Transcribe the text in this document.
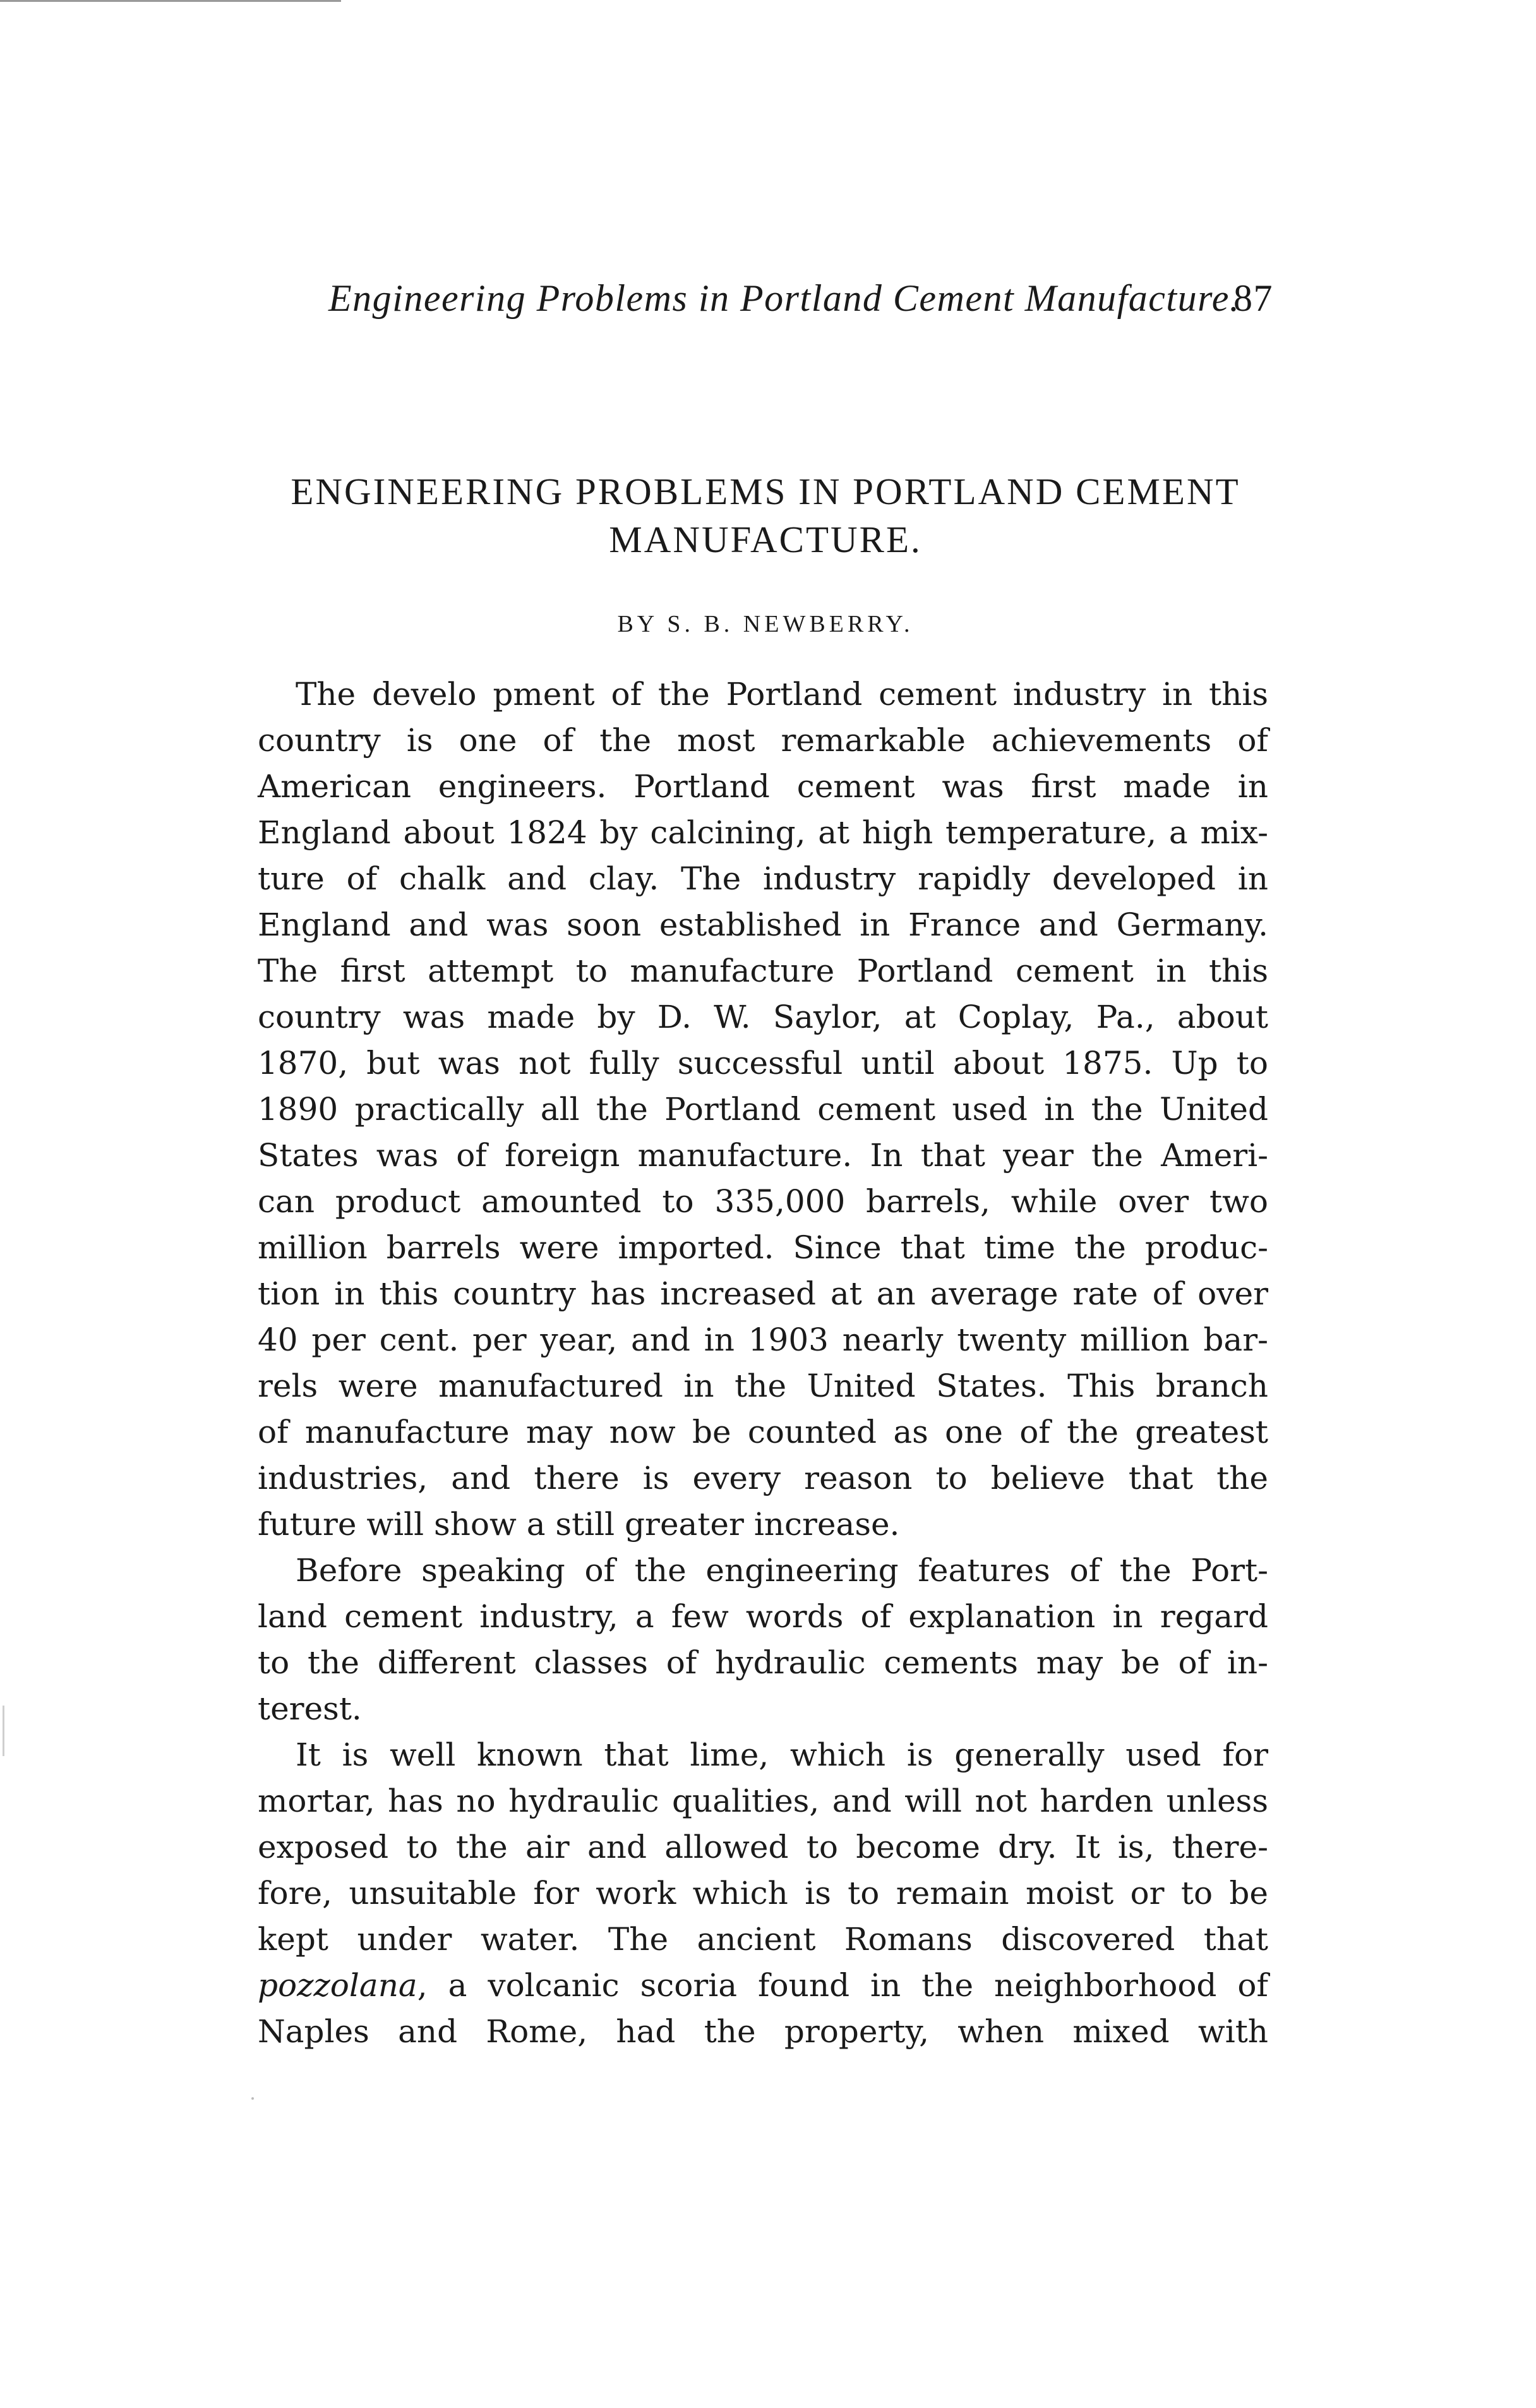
Engineering Problems in Portland Cement Manufacture.
87
ENGINEERING PROBLEMS IN PORTLAND CEMENT
MANUFACTURE.
BY S. B. NEWBERRY.
The develo pment of the Portland cement industry in this
country is one of the most remarkable achievements of
American engineers. Portland cement was first made in
England about 1824 by calcining, at high temperature, a mix-
ture of chalk and clay. The industry rapidly developed in
England and was soon established in France and Germany.
The first attempt to manufacture Portland cement in this
country was made by D. W. Saylor, at Coplay, Pa., about
1870, but was not fully successful until about 1875. Up to
1890 practically all the Portland cement used in the United
States was of foreign manufacture. In that year the Ameri-
can product amounted to 335,000 barrels, while over two
million barrels were imported. Since that time the produc-
tion in this country has increased at an average rate of over
40 per cent. per year, and in 1903 nearly twenty million bar-
rels were manufactured in the United States. This branch
of manufacture may now be counted as one of the greatest
industries, and there is every reason to believe that the
future will show a still greater increase.
Before speaking of the engineering features of the Port-
land cement industry, a few words of explanation in regard
to the different classes of hydraulic cements may be of in-
terest.
It is well known that lime, which is generally used for
mortar, has no hydraulic qualities, and will not harden unless
exposed to the air and allowed to become dry. It is, there-
fore, unsuitable for work which is to remain moist or to be
kept under water. The ancient Romans discovered that
pozzolana, a volcanic scoria found in the neighborhood of
Naples and Rome, had the property, when mixed with
